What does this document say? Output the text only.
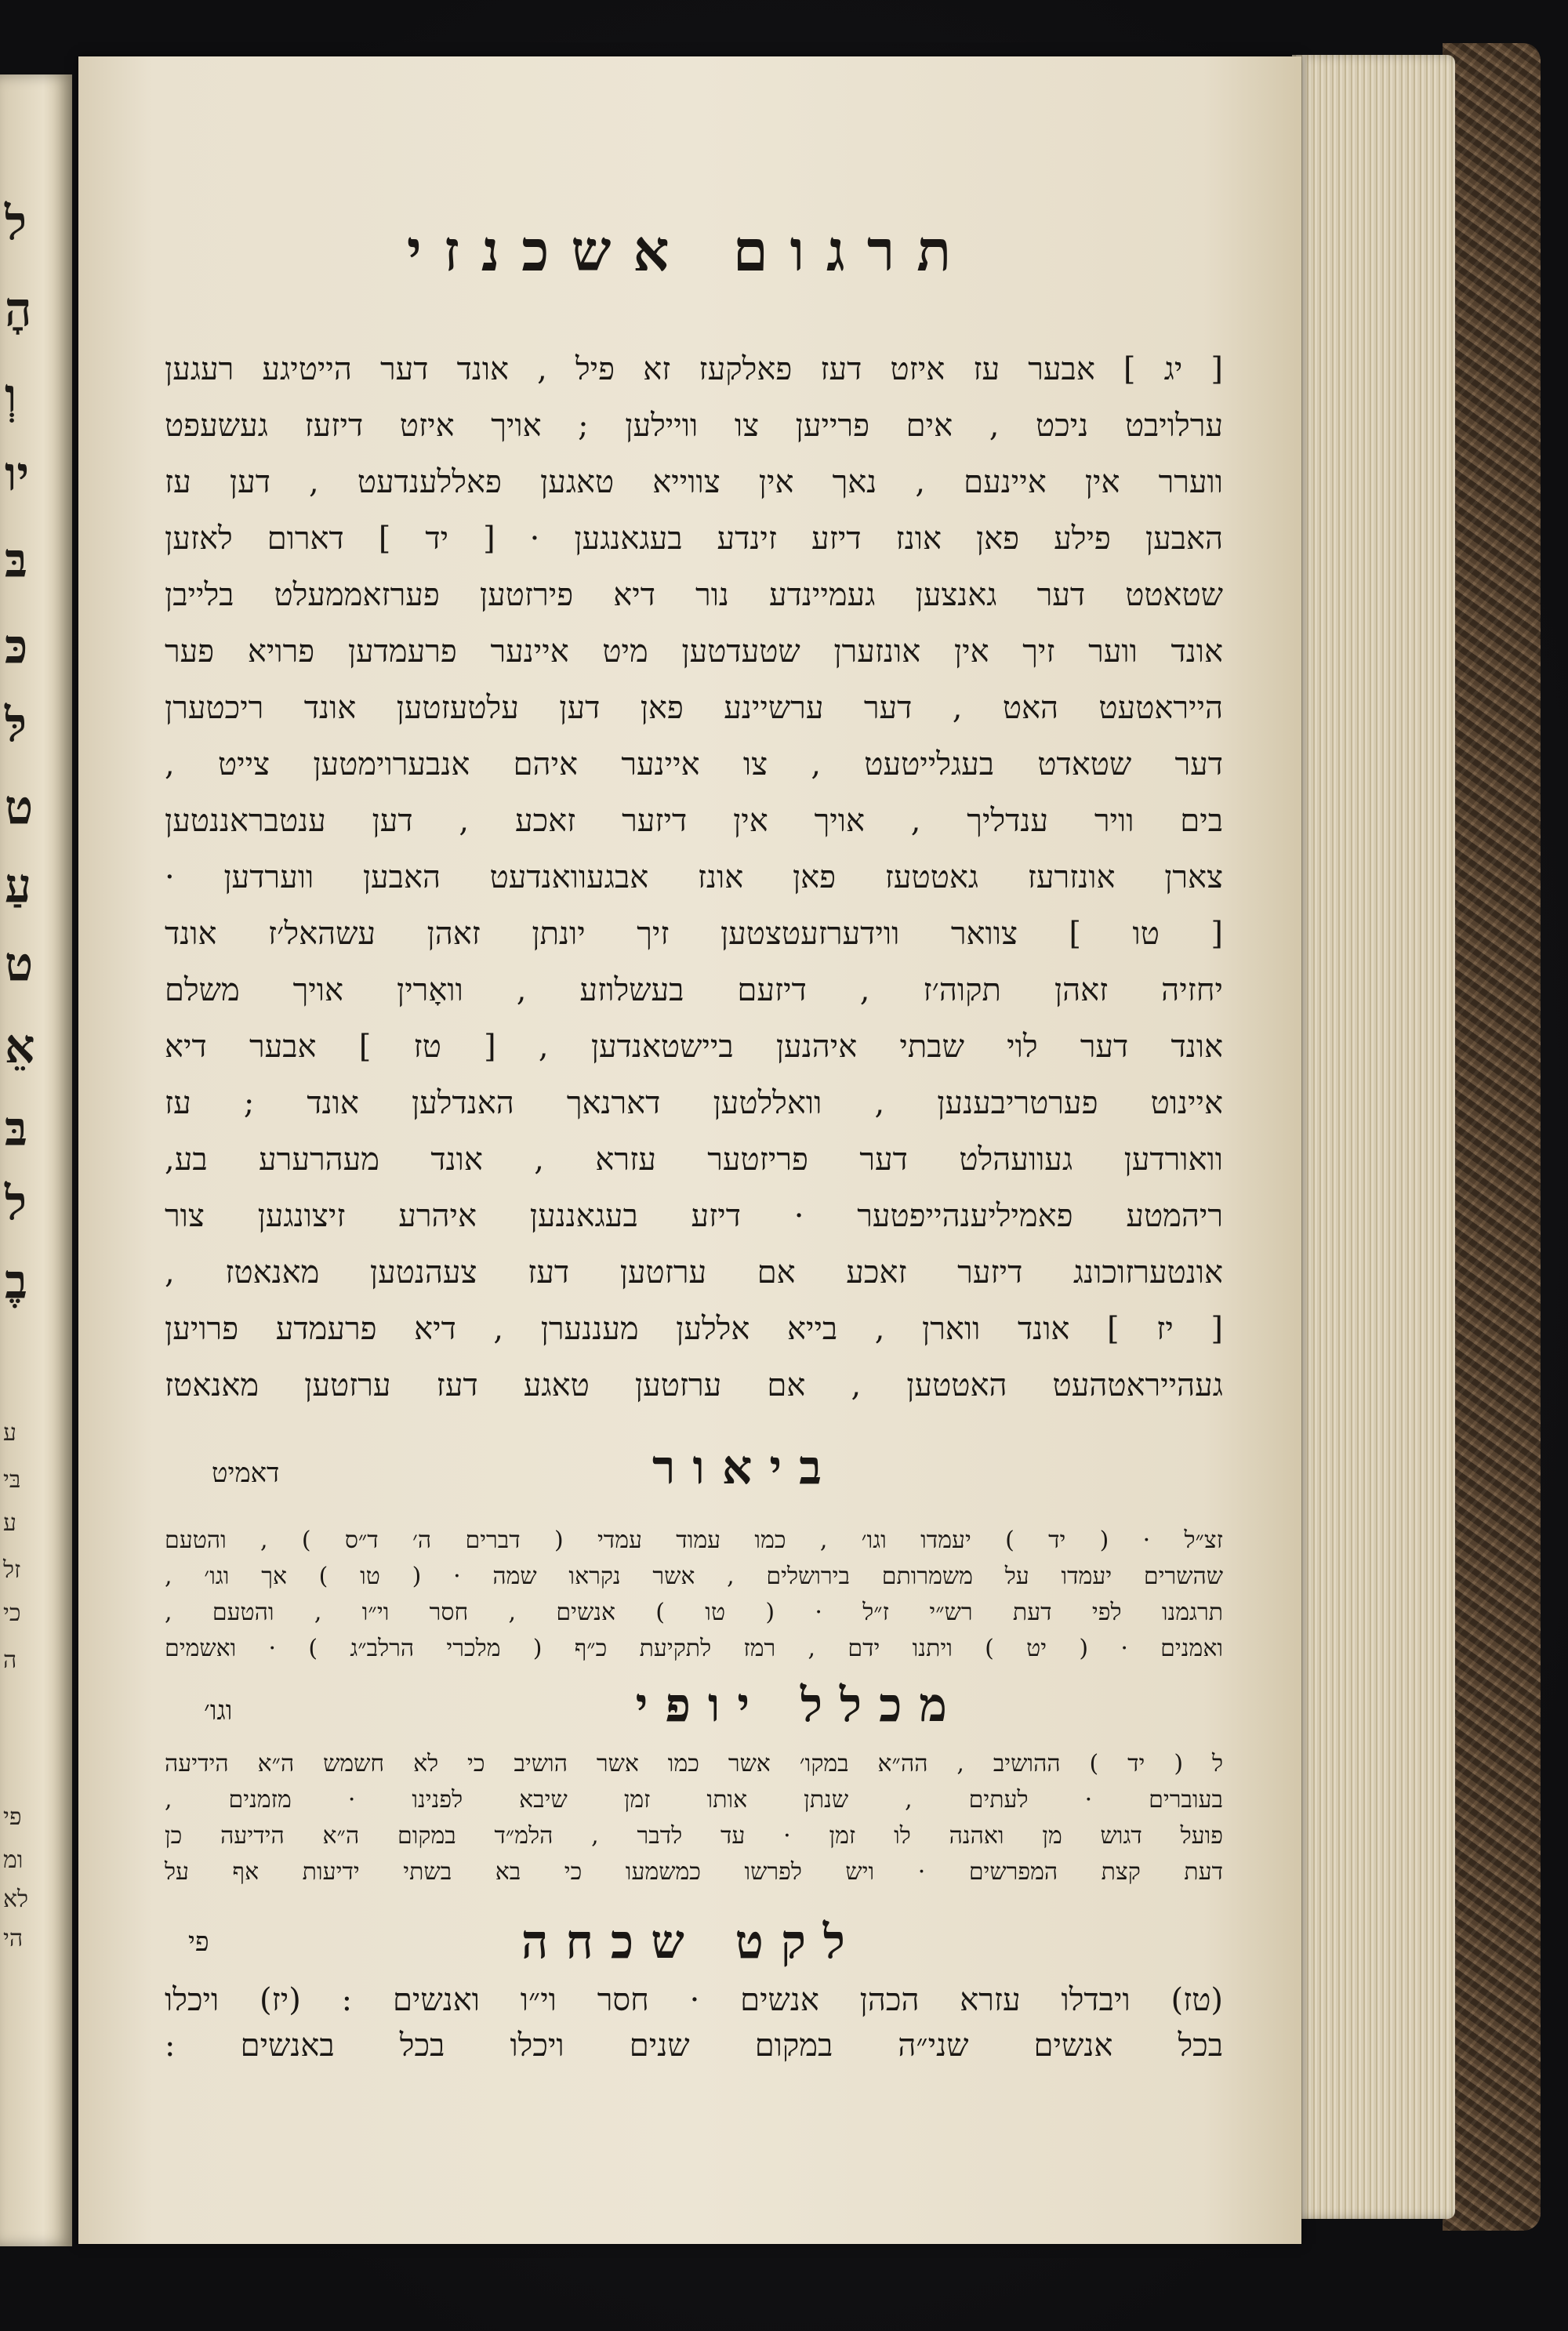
ל
הׇ
וְ
יו
בּ
כּ
לּ
ט
עַ
ט
אֵ
בּ
ל
בֶ
ע
בּי
ע
זל
כי
ה
פי
ומ
לא
הי
תרגום אשכנזי
[ יג ] אבער עז איזט דעז פאלקעז זא פיל , אונד דער הייטיגע רעגען
ערלויבט ניכט , אים פרייען צו וויילען ; אויך איזט דיזעז געשעפט
ווערר אין איינעם , נאך אין צווייא טאגען פאללענדעט , דען עז
האבען פילע פאן אונז דיזע זינדע בעגאנגען · [ יד ] דארום לאזען
שטאטט דער גאנצען געמיינדע נור דיא פירזטען פערזאממעלט בלייבן
אונד ווער זיך אין אונזערן שטעדטען מיט איינער פרעמדען פרויא פער
הייראטעט האט , דער ערשיינע פאן דען עלטעזטען אונד ריכטערן
דער שטאדט בעגלייטעט , צו איינער איהם אנבערוימטען צייט ,
בים וויר ענדליך , אויך אין דיזער זאכע , דען ענטבראננטען
צארן אונזרעז גאטטעז פאן אונז אבגעוואנדעט האבען ווערדען ·
[ טו ] צוואר ווידערזעטצטען זיך יונתן זאהן עשהאל׳ז אונד
יחזיה זאהן תקוה׳ז , דיזעם בעשלוזע , וואָרין אויך משלם
אונד דער לוי שבתי איהנען ביישטאנדען , [ טז ] אבער דיא
איינוט פערטריבענען , וואללטען דארנאך האנדלען אונד ; עז
וואורדען געוועהלט דער פריזטער עזרא , אונד מעהרערע בע,
ריהמטע פאמיליענהייפטער · דיזע בעגאננען איהרע זיצונגען צור
אונטערזוכונג דיזער זאכע אם ערזטען דעז צעהנטען מאנאטז ,
[ יז ] אונד ווארן , בייא אללען מעננערן , דיא פרעמדע פרויען
געהייראטהעט האטטען , אם ערזטען טאגע דעז ערזטען מאנאטז
ביאור
דאמיט
זצ״ל · ( יד ) יעמדו וגו׳ , כמו עמוד עמדי ( דברים ה׳ ד״ס ) , והטעם
שהשרים יעמדו על משמרותם בירושלים , אשר נקראו שמה · ( טו ) אך וגו׳ ,
תרגמנו לפי דעת רש״י ז״ל · ( טו ) אנשים , חסר וי״ו , והטעם ,
ואמנים · ( יט ) ויתנו ידם , רמז לתקיעת כ״ף ( מלכרי הרלב״ג ) · ואשמים
מכלל יופי
וגו׳
ל ( יד ) ההושיב , הה״א במקו׳ אשר כמו אשר הושיב כי לא חשמש ה״א הידיעה
בעוברים · לעתים , שנתן אותו זמן שיבא לפנינו · מזמנים ,
פועל דגוש מן ואהנה לו זמן · עד לדבר , הלמ״ד במקום ה״א הידיעה כן
דעת קצת המפרשים · ויש לפרשו כמשמעו כי בא בשתי ידיעות אף על
לקט שכחה
פי
(טז) ויבדלו עזרא הכהן אנשים · חסר וי״ו ואנשים : (יז) ויכלו
בכל אנשים שני״ה במקום שנים ויכלו בכל באנשים :
